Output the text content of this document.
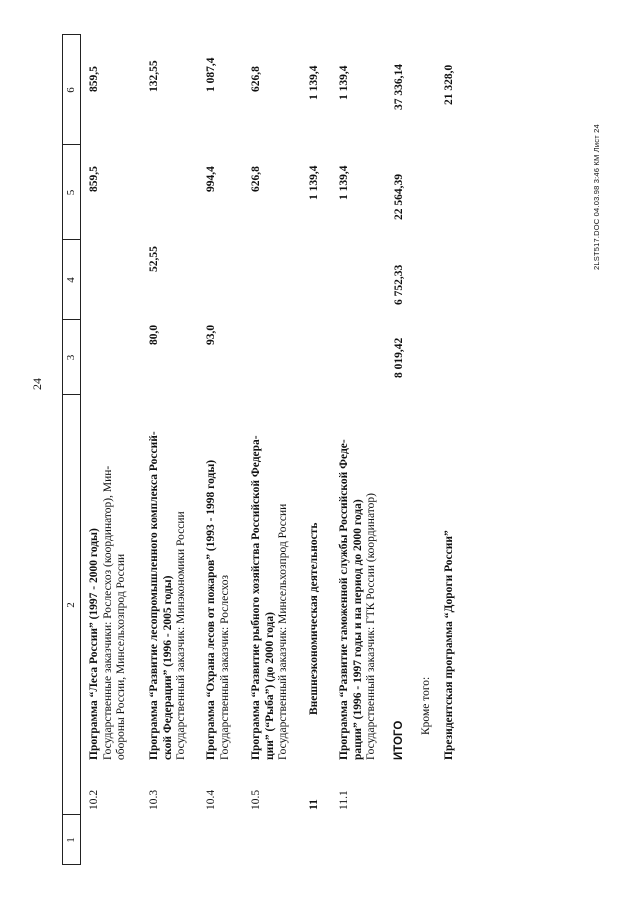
24
1
2
3
4
5
6
10.2
Программа “Леса России” (1997 - 2000 годы) Государственные заказчики: Рослесхоз (координатор), Мин- обороны России, Минсельхозпрод России
859,5
859,5
10.3
Программа “Развитие лесопромышленного комплекса Россий- ской Федерации” (1996 - 2005 годы) Государственный заказчик: Минэкономики России
80,0
52,55
132,55
10.4
Программа “Охрана лесов от пожаров” (1993 - 1998 годы) Государственный заказчик: Рослесхоз
93,0
994,4
1 087,4
10.5
Программа “Развитие рыбного хозяйства Российской Федера- ции” (“Рыба”) (до 2000 года) Государственный заказчик: Минсельхозпрод России
626,8
626,8
11
Внешнеэкономическая деятельность
1 139,4
1 139,4
11.1
Программа “Развитие таможенной службы Российской Феде- рации” (1996 - 1997 годы и на период до 2000 года) Государственный заказчик: ГТК России (координатор)
1 139,4
1 139,4
ИТОГО
8 019,42
6 752,33
22 564,39
37 336,14
Кроме того: Президентская программа “Дороги России”
21 328,0
2LST517.DOC 04.03.98 3:46 КМ Лист 24
